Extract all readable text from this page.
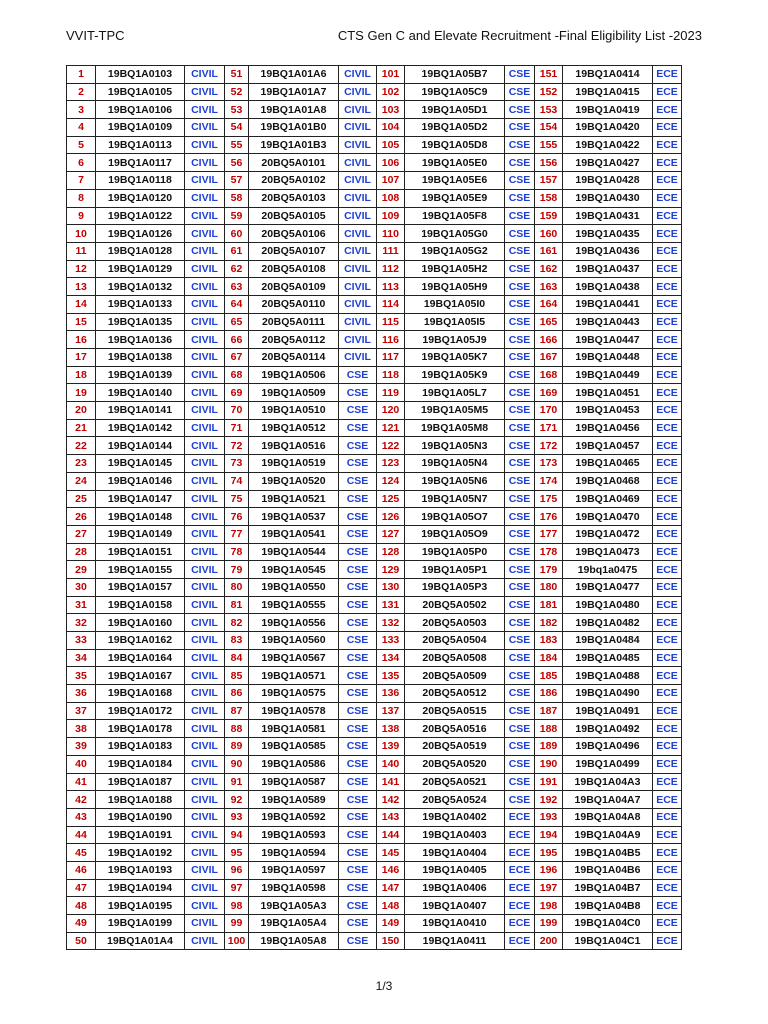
VVIT-TPC	CTS Gen C and Elevate Recruitment -Final Eligibility List -2023
1	19BQ1A0103	CIVIL	51	19BQ1A01A6	CIVIL	101	19BQ1A05B7	CSE	151	19BQ1A0414	ECE
2	19BQ1A0105	CIVIL	52	19BQ1A01A7	CIVIL	102	19BQ1A05C9	CSE	152	19BQ1A0415	ECE
3	19BQ1A0106	CIVIL	53	19BQ1A01A8	CIVIL	103	19BQ1A05D1	CSE	153	19BQ1A0419	ECE
4	19BQ1A0109	CIVIL	54	19BQ1A01B0	CIVIL	104	19BQ1A05D2	CSE	154	19BQ1A0420	ECE
5	19BQ1A0113	CIVIL	55	19BQ1A01B3	CIVIL	105	19BQ1A05D8	CSE	155	19BQ1A0422	ECE
6	19BQ1A0117	CIVIL	56	20BQ5A0101	CIVIL	106	19BQ1A05E0	CSE	156	19BQ1A0427	ECE
7	19BQ1A0118	CIVIL	57	20BQ5A0102	CIVIL	107	19BQ1A05E6	CSE	157	19BQ1A0428	ECE
8	19BQ1A0120	CIVIL	58	20BQ5A0103	CIVIL	108	19BQ1A05E9	CSE	158	19BQ1A0430	ECE
9	19BQ1A0122	CIVIL	59	20BQ5A0105	CIVIL	109	19BQ1A05F8	CSE	159	19BQ1A0431	ECE
10	19BQ1A0126	CIVIL	60	20BQ5A0106	CIVIL	110	19BQ1A05G0	CSE	160	19BQ1A0435	ECE
11	19BQ1A0128	CIVIL	61	20BQ5A0107	CIVIL	111	19BQ1A05G2	CSE	161	19BQ1A0436	ECE
12	19BQ1A0129	CIVIL	62	20BQ5A0108	CIVIL	112	19BQ1A05H2	CSE	162	19BQ1A0437	ECE
13	19BQ1A0132	CIVIL	63	20BQ5A0109	CIVIL	113	19BQ1A05H9	CSE	163	19BQ1A0438	ECE
14	19BQ1A0133	CIVIL	64	20BQ5A0110	CIVIL	114	19BQ1A05I0	CSE	164	19BQ1A0441	ECE
15	19BQ1A0135	CIVIL	65	20BQ5A0111	CIVIL	115	19BQ1A05I5	CSE	165	19BQ1A0443	ECE
16	19BQ1A0136	CIVIL	66	20BQ5A0112	CIVIL	116	19BQ1A05J9	CSE	166	19BQ1A0447	ECE
17	19BQ1A0138	CIVIL	67	20BQ5A0114	CIVIL	117	19BQ1A05K7	CSE	167	19BQ1A0448	ECE
18	19BQ1A0139	CIVIL	68	19BQ1A0506	CSE	118	19BQ1A05K9	CSE	168	19BQ1A0449	ECE
19	19BQ1A0140	CIVIL	69	19BQ1A0509	CSE	119	19BQ1A05L7	CSE	169	19BQ1A0451	ECE
20	19BQ1A0141	CIVIL	70	19BQ1A0510	CSE	120	19BQ1A05M5	CSE	170	19BQ1A0453	ECE
21	19BQ1A0142	CIVIL	71	19BQ1A0512	CSE	121	19BQ1A05M8	CSE	171	19BQ1A0456	ECE
22	19BQ1A0144	CIVIL	72	19BQ1A0516	CSE	122	19BQ1A05N3	CSE	172	19BQ1A0457	ECE
23	19BQ1A0145	CIVIL	73	19BQ1A0519	CSE	123	19BQ1A05N4	CSE	173	19BQ1A0465	ECE
24	19BQ1A0146	CIVIL	74	19BQ1A0520	CSE	124	19BQ1A05N6	CSE	174	19BQ1A0468	ECE
25	19BQ1A0147	CIVIL	75	19BQ1A0521	CSE	125	19BQ1A05N7	CSE	175	19BQ1A0469	ECE
26	19BQ1A0148	CIVIL	76	19BQ1A0537	CSE	126	19BQ1A05O7	CSE	176	19BQ1A0470	ECE
27	19BQ1A0149	CIVIL	77	19BQ1A0541	CSE	127	19BQ1A05O9	CSE	177	19BQ1A0472	ECE
28	19BQ1A0151	CIVIL	78	19BQ1A0544	CSE	128	19BQ1A05P0	CSE	178	19BQ1A0473	ECE
29	19BQ1A0155	CIVIL	79	19BQ1A0545	CSE	129	19BQ1A05P1	CSE	179	19bq1a0475	ECE
30	19BQ1A0157	CIVIL	80	19BQ1A0550	CSE	130	19BQ1A05P3	CSE	180	19BQ1A0477	ECE
31	19BQ1A0158	CIVIL	81	19BQ1A0555	CSE	131	20BQ5A0502	CSE	181	19BQ1A0480	ECE
32	19BQ1A0160	CIVIL	82	19BQ1A0556	CSE	132	20BQ5A0503	CSE	182	19BQ1A0482	ECE
33	19BQ1A0162	CIVIL	83	19BQ1A0560	CSE	133	20BQ5A0504	CSE	183	19BQ1A0484	ECE
34	19BQ1A0164	CIVIL	84	19BQ1A0567	CSE	134	20BQ5A0508	CSE	184	19BQ1A0485	ECE
35	19BQ1A0167	CIVIL	85	19BQ1A0571	CSE	135	20BQ5A0509	CSE	185	19BQ1A0488	ECE
36	19BQ1A0168	CIVIL	86	19BQ1A0575	CSE	136	20BQ5A0512	CSE	186	19BQ1A0490	ECE
37	19BQ1A0172	CIVIL	87	19BQ1A0578	CSE	137	20BQ5A0515	CSE	187	19BQ1A0491	ECE
38	19BQ1A0178	CIVIL	88	19BQ1A0581	CSE	138	20BQ5A0516	CSE	188	19BQ1A0492	ECE
39	19BQ1A0183	CIVIL	89	19BQ1A0585	CSE	139	20BQ5A0519	CSE	189	19BQ1A0496	ECE
40	19BQ1A0184	CIVIL	90	19BQ1A0586	CSE	140	20BQ5A0520	CSE	190	19BQ1A0499	ECE
41	19BQ1A0187	CIVIL	91	19BQ1A0587	CSE	141	20BQ5A0521	CSE	191	19BQ1A04A3	ECE
42	19BQ1A0188	CIVIL	92	19BQ1A0589	CSE	142	20BQ5A0524	CSE	192	19BQ1A04A7	ECE
43	19BQ1A0190	CIVIL	93	19BQ1A0592	CSE	143	19BQ1A0402	ECE	193	19BQ1A04A8	ECE
44	19BQ1A0191	CIVIL	94	19BQ1A0593	CSE	144	19BQ1A0403	ECE	194	19BQ1A04A9	ECE
45	19BQ1A0192	CIVIL	95	19BQ1A0594	CSE	145	19BQ1A0404	ECE	195	19BQ1A04B5	ECE
46	19BQ1A0193	CIVIL	96	19BQ1A0597	CSE	146	19BQ1A0405	ECE	196	19BQ1A04B6	ECE
47	19BQ1A0194	CIVIL	97	19BQ1A0598	CSE	147	19BQ1A0406	ECE	197	19BQ1A04B7	ECE
48	19BQ1A0195	CIVIL	98	19BQ1A05A3	CSE	148	19BQ1A0407	ECE	198	19BQ1A04B8	ECE
49	19BQ1A0199	CIVIL	99	19BQ1A05A4	CSE	149	19BQ1A0410	ECE	199	19BQ1A04C0	ECE
50	19BQ1A01A4	CIVIL	100	19BQ1A05A8	CSE	150	19BQ1A0411	ECE	200	19BQ1A04C1	ECE
1/3
